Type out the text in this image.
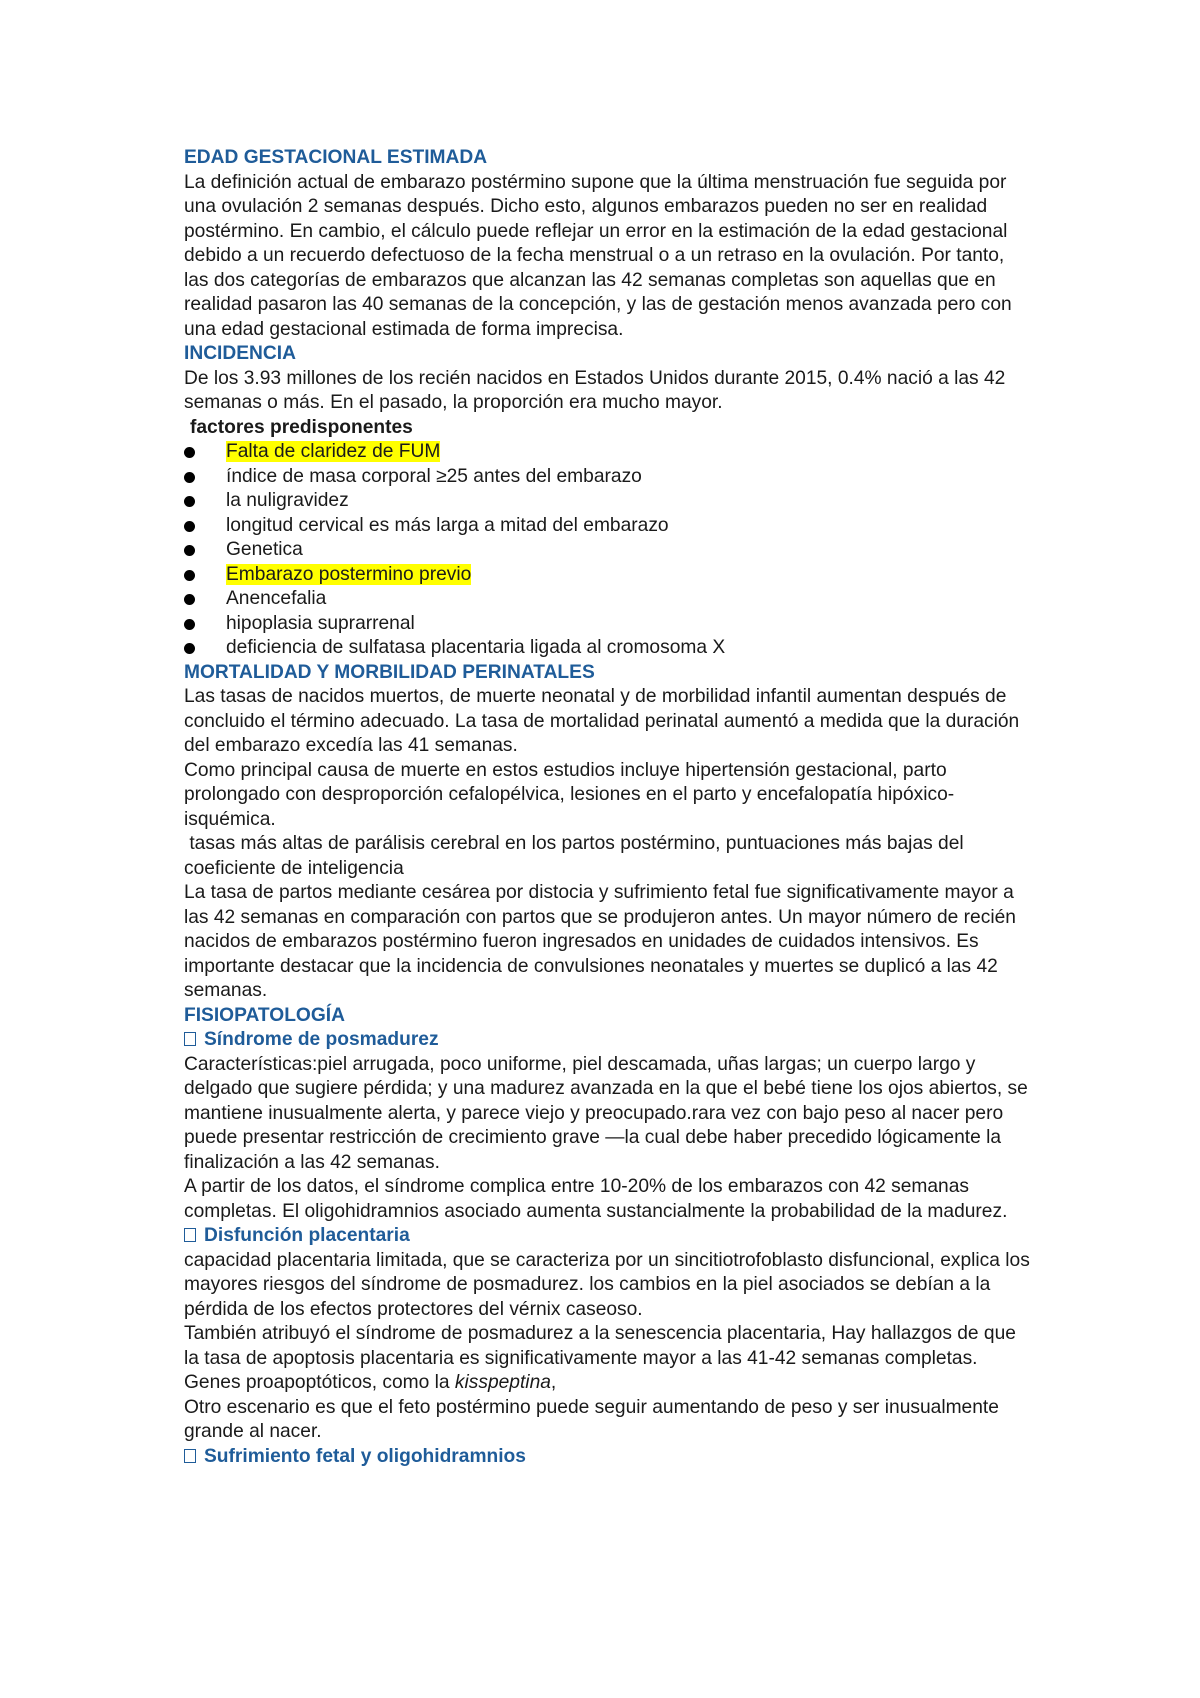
EDAD GESTACIONAL ESTIMADA

La definición actual de embarazo postérmino supone que la última menstruación fue seguida por una ovulación 2 semanas después. Dicho esto, algunos embarazos pueden no ser en realidad postérmino. En cambio, el cálculo puede reflejar un error en la estimación de la edad gestacional debido a un recuerdo defectuoso de la fecha menstrual o a un retraso en la ovulación. Por tanto, las dos categorías de embarazos que alcanzan las 42 semanas completas son aquellas que en realidad pasaron las 40 semanas de la concepción, y las de gestación menos avanzada pero con una edad gestacional estimada de forma imprecisa.

INCIDENCIA

De los 3.93 millones de los recién nacidos en Estados Unidos durante 2015, 0.4% nació a las 42 semanas o más. En el pasado, la proporción era mucho mayor.

factores predisponentes

Falta de claridez de FUM
índice de masa corporal ≥25 antes del embarazo
la nuligravidez
longitud cervical es más larga a mitad del embarazo
Genetica
Embarazo postermino previo
Anencefalia
hipoplasia suprarrenal
deficiencia de sulfatasa placentaria ligada al cromosoma X

MORTALIDAD Y MORBILIDAD PERINATALES

Las tasas de nacidos muertos, de muerte neonatal y de morbilidad infantil aumentan después de concluido el término adecuado. La tasa de mortalidad perinatal aumentó a medida que la duración del embarazo excedía las 41 semanas.

Como principal causa de muerte en estos estudios incluye hipertensión gestacional, parto prolongado con desproporción cefalopélvica, lesiones en el parto y encefalopatía hipóxico-isquémica.

tasas más altas de parálisis cerebral en los partos postérmino, puntuaciones más bajas del coeficiente de inteligencia

La tasa de partos mediante cesárea por distocia y sufrimiento fetal fue significativamente mayor a las 42 semanas en comparación con partos que se produjeron antes. Un mayor número de recién nacidos de embarazos postérmino fueron ingresados en unidades de cuidados intensivos. Es importante destacar que la incidencia de convulsiones neonatales y muertes se duplicó a las 42 semanas.

FISIOPATOLOGÍA

Síndrome de posmadurez

Características:piel arrugada, poco uniforme, piel descamada, uñas largas; un cuerpo largo y delgado que sugiere pérdida; y una madurez avanzada en la que el bebé tiene los ojos abiertos, se mantiene inusualmente alerta, y parece viejo y preocupado.rara vez con bajo peso al nacer pero puede presentar restricción de crecimiento grave —la cual debe haber precedido lógicamente la finalización a las 42 semanas.

A partir de los datos, el síndrome complica entre 10-20% de los embarazos con 42 semanas completas. El oligohidramnios asociado aumenta sustancialmente la probabilidad de la madurez.

Disfunción placentaria

capacidad placentaria limitada, que se caracteriza por un sincitiotrofoblasto disfuncional, explica los mayores riesgos del síndrome de posmadurez. los cambios en la piel asociados se debían a la pérdida de los efectos protectores del vérnix caseoso.

También atribuyó el síndrome de posmadurez a la senescencia placentaria, Hay hallazgos de que la tasa de apoptosis placentaria es significativamente mayor a las 41-42 semanas completas.

Genes proapoptóticos, como la kisspeptina,

Otro escenario es que el feto postérmino puede seguir aumentando de peso y ser inusualmente grande al nacer.

Sufrimiento fetal y oligohidramnios
